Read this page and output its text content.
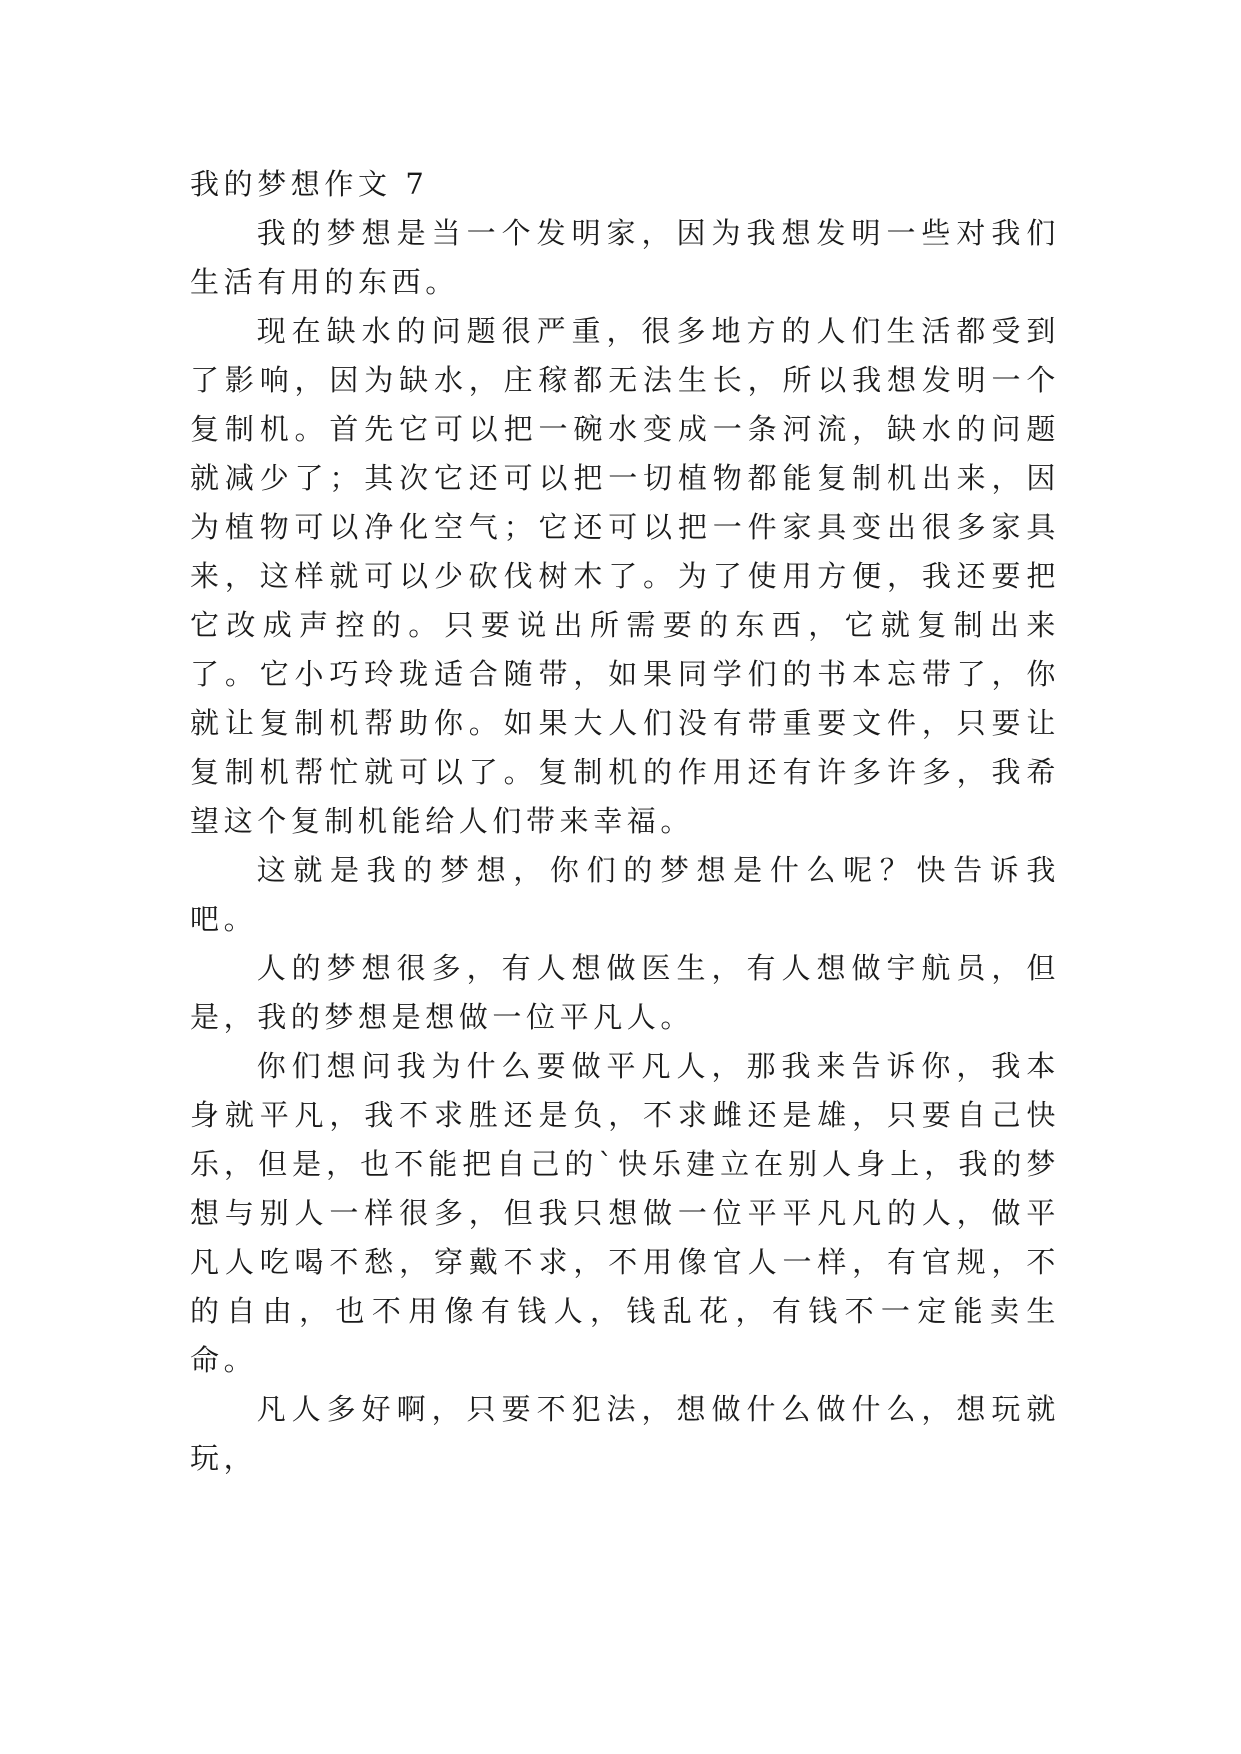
我的梦想作文 7

我的梦想是当一个发明家，因为我想发明一些对我们生活有用的东西。

现在缺水的问题很严重，很多地方的人们生活都受到了影响，因为缺水，庄稼都无法生长，所以我想发明一个复制机。首先它可以把一碗水变成一条河流，缺水的问题就减少了；其次它还可以把一切植物都能复制机出来，因为植物可以净化空气；它还可以把一件家具变出很多家具来，这样就可以少砍伐树木了。为了使用方便，我还要把它改成声控的。只要说出所需要的东西，它就复制出来了。它小巧玲珑适合随带，如果同学们的书本忘带了，你就让复制机帮助你。如果大人们没有带重要文件，只要让复制机帮忙就可以了。复制机的作用还有许多许多，我希望这个复制机能给人们带来幸福。

这就是我的梦想，你们的梦想是什么呢？快告诉我吧。

人的梦想很多，有人想做医生，有人想做宇航员，但是，我的梦想是想做一位平凡人。

你们想问我为什么要做平凡人，那我来告诉你，我本身就平凡，我不求胜还是负，不求雌还是雄，只要自己快乐，但是，也不能把自己的`快乐建立在别人身上，我的梦想与别人一样很多，但我只想做一位平平凡凡的人，做平凡人吃喝不愁，穿戴不求，不用像官人一样，有官规，不的自由，也不用像有钱人，钱乱花，有钱不一定能卖生命。

凡人多好啊，只要不犯法，想做什么做什么，想玩就玩，
